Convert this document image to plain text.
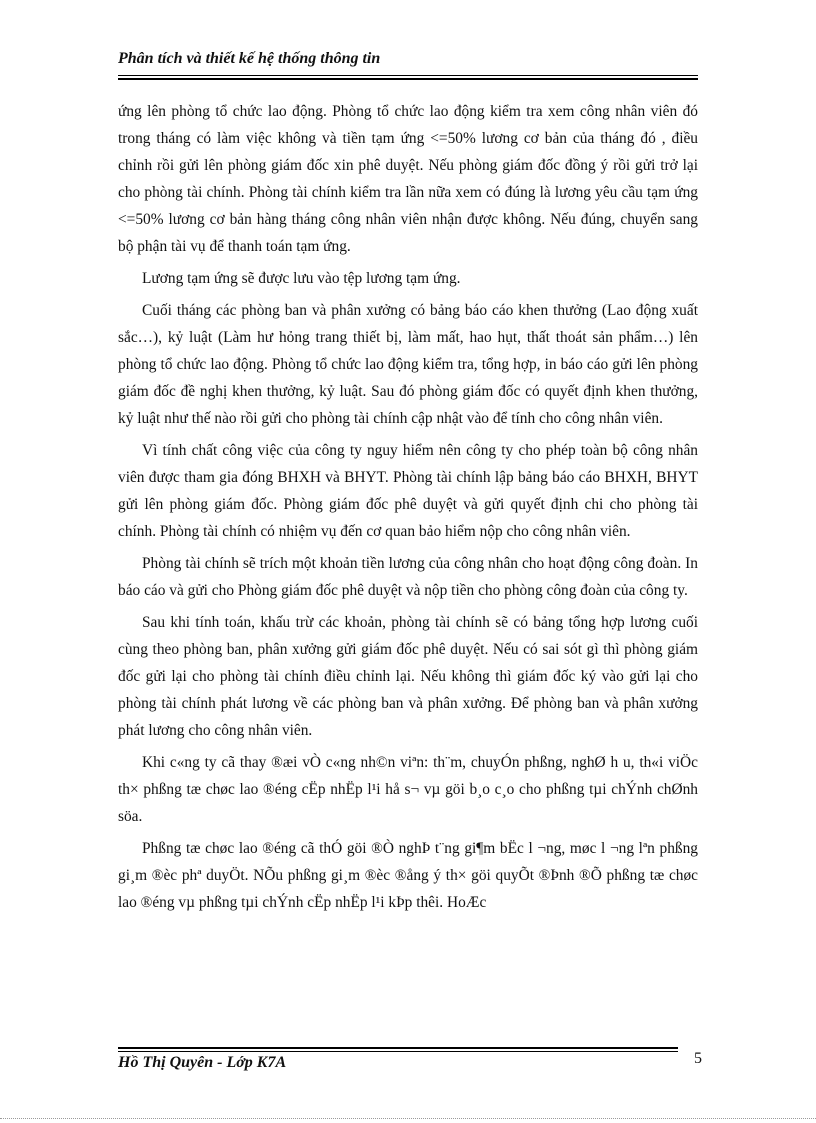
Phân tích và thiết kế hệ thống thông tin

ứng lên phòng tổ chức lao động. Phòng tổ chức lao động kiểm tra xem công nhân viên đó trong tháng có làm việc không và tiền tạm ứng <=50% lương cơ bản của tháng đó , điều chỉnh rồi gửi lên phòng giám đốc xin phê duyệt. Nếu phòng giám đốc đồng ý rồi gửi trở lại cho phòng tài chính. Phòng tài chính kiểm tra lần nữa xem có đúng là lương yêu cầu tạm ứng <=50% lương cơ bản hàng tháng công nhân viên nhận được không. Nếu đúng, chuyển sang bộ phận tài vụ để thanh toán tạm ứng.

Lương tạm ứng sẽ được lưu vào tệp lương tạm ứng.

Cuối tháng các phòng ban và phân xưởng có bảng báo cáo khen thưởng (Lao động xuất sắc…), kỷ luật (Làm hư hỏng trang thiết bị, làm mất, hao hụt, thất thoát sản phẩm…) lên phòng tổ chức lao động. Phòng tổ chức lao động kiểm tra, tổng hợp, in báo cáo gửi lên phòng giám đốc đề nghị khen thưởng, kỷ luật. Sau đó phòng giám đốc có quyết định khen thưởng, kỷ luật như thế nào rồi gửi cho phòng tài chính cập nhật vào để tính cho công nhân viên.

Vì tính chất công việc của công ty nguy hiểm nên công ty cho phép toàn bộ công nhân viên được tham gia đóng BHXH và BHYT. Phòng tài chính lập bảng báo cáo BHXH, BHYT gửi lên phòng giám đốc. Phòng giám đốc phê duyệt và gửi quyết định chi cho phòng tài chính. Phòng tài chính có nhiệm vụ đến cơ quan bảo hiểm nộp cho công nhân viên.

Phòng tài chính sẽ trích một khoản tiền lương của công nhân cho hoạt động công đoàn. In báo cáo và gửi cho Phòng giám đốc phê duyệt và nộp tiền cho phòng công đoàn của công ty.

Sau khi tính toán, khấu trừ các khoản, phòng tài chính sẽ có bảng tổng hợp lương cuối cùng theo phòng ban, phân xưởng gửi giám đốc phê duyệt. Nếu có sai sót gì thì phòng giám đốc gửi lại cho phòng tài chính điều chỉnh lại. Nếu không thì giám đốc ký vào gửi lại cho phòng tài chính phát lương về các phòng ban và phân xưởng. Để phòng ban và phân xưởng phát lương cho công nhân viên.

Khi c«ng ty cã thay ®æi vÒ c«ng nh©n viªn: th¨m, chuyÓn phßng, nghØ h u, th«i viÖc th× phßng tæ chøc lao ®éng cËp nhËp l¹i hå s¬ vµ göi b¸o c¸o cho phßng tµi chÝnh chØnh söa.

Phßng tæ chøc lao ®éng cã thÓ göi ®Ò nghÞ t¨ng gi¶m bËc l ¬ng, møc l ¬ng lªn phßng gi¸m ®èc phª duyÖt. NÕu phßng gi¸m ®èc ®ång ý th× göi quyÕt ®Þnh ®Õ phßng tæ chøc lao ®éng vµ phßng tµi chÝnh cËp nhËp l¹i kÞp thêi. HoÆc

Hồ Thị Quyên - Lớp K7A	5
